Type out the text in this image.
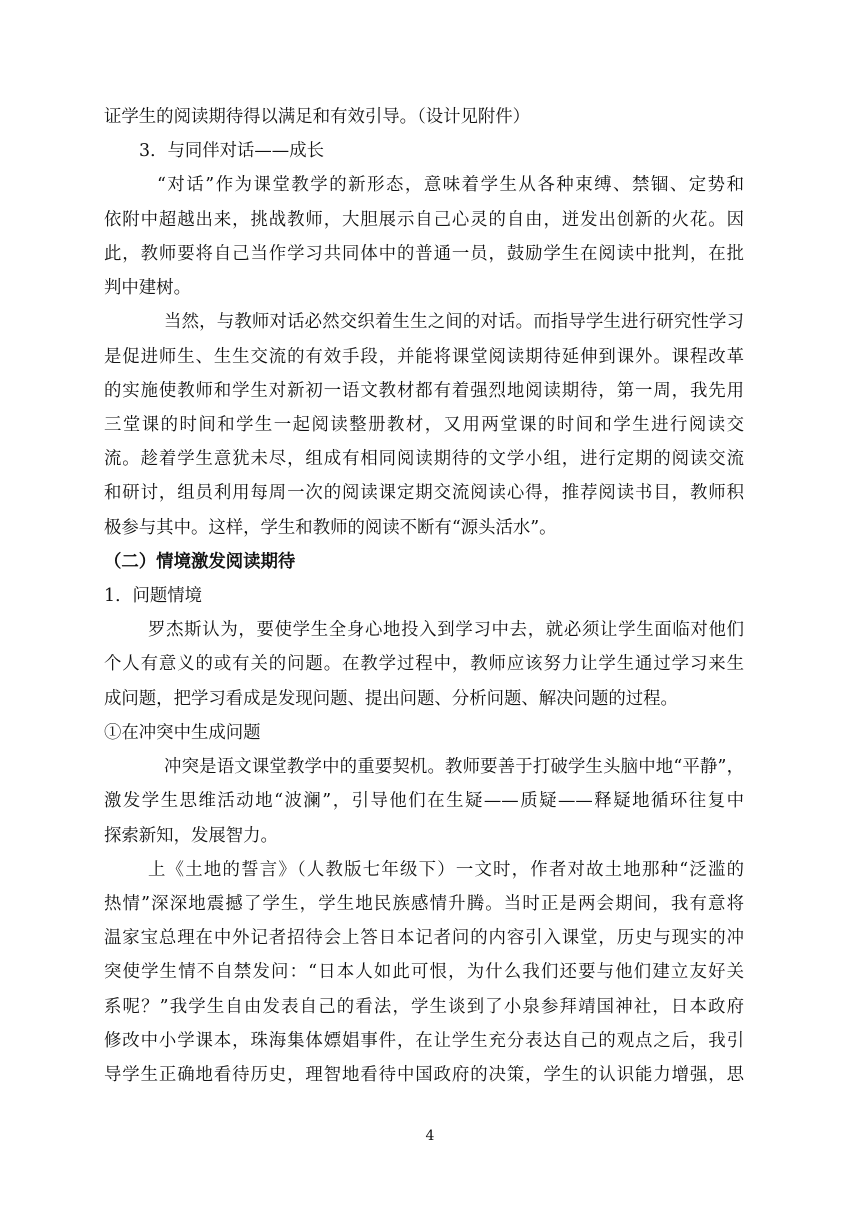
证学生的阅读期待得以满足和有效引导。（设计见附件）
3．与同伴对话——成长
“对话”作为课堂教学的新形态，意味着学生从各种束缚、禁锢、定势和
依附中超越出来，挑战教师，大胆展示自己心灵的自由，迸发出创新的火花。因
此，教师要将自己当作学习共同体中的普通一员，鼓励学生在阅读中批判，在批
判中建树。
当然，与教师对话必然交织着生生之间的对话。而指导学生进行研究性学习
是促进师生、生生交流的有效手段，并能将课堂阅读期待延伸到课外。课程改革
的实施使教师和学生对新初一语文教材都有着强烈地阅读期待，第一周，我先用
三堂课的时间和学生一起阅读整册教材，又用两堂课的时间和学生进行阅读交
流。趁着学生意犹未尽，组成有相同阅读期待的文学小组，进行定期的阅读交流
和研讨，组员利用每周一次的阅读课定期交流阅读心得，推荐阅读书目，教师积
极参与其中。这样，学生和教师的阅读不断有“源头活水”。
（二）情境激发阅读期待
1．问题情境
罗杰斯认为，要使学生全身心地投入到学习中去，就必须让学生面临对他们
个人有意义的或有关的问题。在教学过程中，教师应该努力让学生通过学习来生
成问题，把学习看成是发现问题、提出问题、分析问题、解决问题的过程。
①在冲突中生成问题
冲突是语文课堂教学中的重要契机。教师要善于打破学生头脑中地“平静”，
激发学生思维活动地“波澜”，引导他们在生疑——质疑——释疑地循环往复中
探索新知，发展智力。
上《土地的誓言》（人教版七年级下）一文时，作者对故土地那种“泛滥的
热情”深深地震撼了学生，学生地民族感情升腾。当时正是两会期间，我有意将
温家宝总理在中外记者招待会上答日本记者问的内容引入课堂，历史与现实的冲
突使学生情不自禁发问：“日本人如此可恨，为什么我们还要与他们建立友好关
系呢？”我学生自由发表自己的看法，学生谈到了小泉参拜靖国神社，日本政府
修改中小学课本，珠海集体嫖娼事件，在让学生充分表达自己的观点之后，我引
导学生正确地看待历史，理智地看待中国政府的决策，学生的认识能力增强，思
4
